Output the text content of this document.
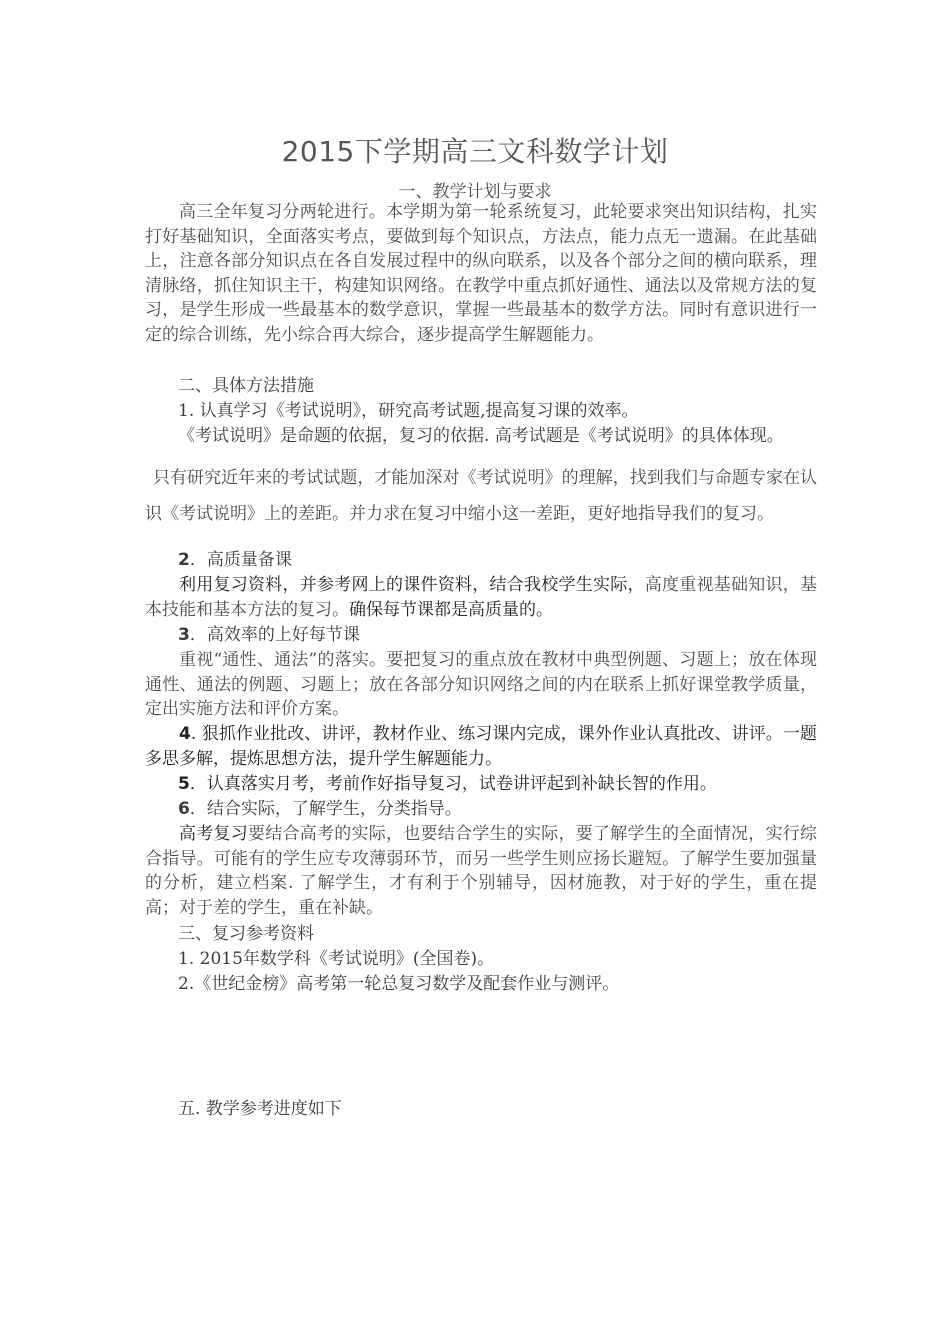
2015下学期高三文科数学计划
一、教学计划与要求

高三全年复习分两轮进行。本学期为第一轮系统复习，此轮要求突出知识结构，扎实打好基础知识，全面落实考点，要做到每个知识点，方法点，能力点无一遗漏。在此基础上，注意各部分知识点在各自发展过程中的纵向联系，以及各个部分之间的横向联系，理清脉络，抓住知识主干，构建知识网络。在教学中重点抓好通性、通法以及常规方法的复习，是学生形成一些最基本的数学意识，掌握一些最基本的数学方法。同时有意识进行一定的综合训练，先小综合再大综合，逐步提高学生解题能力。

二、具体方法措施
1. 认真学习《考试说明》，研究高考试题,提高复习课的效率。
《考试说明》是命题的依据，复习的依据. 高考试题是《考试说明》的具体体现。

只有研究近年来的考试试题，才能加深对《考试说明》的理解，找到我们与命题专家在认识《考试说明》上的差距。并力求在复习中缩小这一差距，更好地指导我们的复习。

2．高质量备课

利用复习资料，并参考网上的课件资料，结合我校学生实际，高度重视基础知识，基本技能和基本方法的复习。确保每节课都是高质量的。

3．高效率的上好每节课

重视“通性、通法”的落实。要把复习的重点放在教材中典型例题、习题上；放在体现通性、通法的例题、习题上；放在各部分知识网络之间的内在联系上抓好课堂教学质量，定出实施方法和评价方案。

4. 狠抓作业批改、讲评，教材作业、练习课内完成，课外作业认真批改、讲评。一题多思多解，提炼思想方法，提升学生解题能力。

5．认真落实月考，考前作好指导复习，试卷讲评起到补缺长智的作用。
6．结合实际，了解学生，分类指导。

高考复习要结合高考的实际，也要结合学生的实际，要了解学生的全面情况，实行综合指导。可能有的学生应专攻薄弱环节，而另一些学生则应扬长避短。了解学生要加强量的分析，建立档案. 了解学生，才有利于个别辅导，因材施教，对于好的学生，重在提高；对于差的学生，重在补缺。

三、复习参考资料
1. 2015年数学科《考试说明》(全国卷)。
2.《世纪金榜》高考第一轮总复习数学及配套作业与测评。
五. 教学参考进度如下
